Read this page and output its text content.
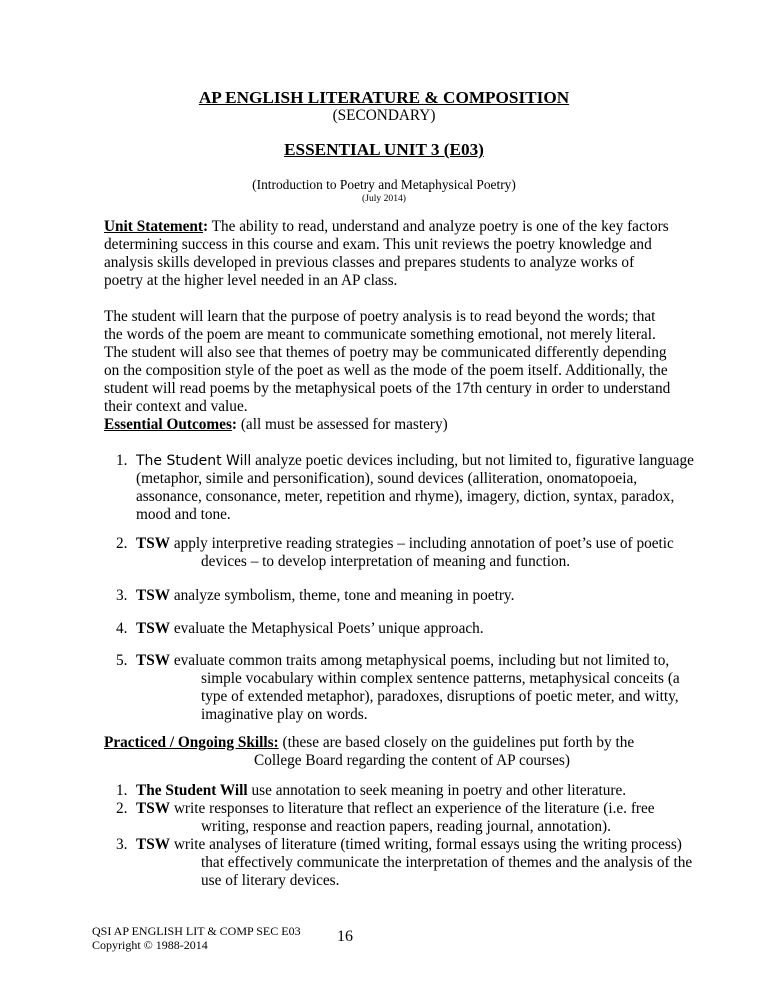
AP ENGLISH LITERATURE & COMPOSITION
(SECONDARY)
ESSENTIAL UNIT 3 (E03)
(Introduction to Poetry and Metaphysical Poetry)
(July 2014)
Unit Statement: The ability to read, understand and analyze poetry is one of the key factors determining success in this course and exam. This unit reviews the poetry knowledge and analysis skills developed in previous classes and prepares students to analyze works of poetry at the higher level needed in an AP class.
The student will learn that the purpose of poetry analysis is to read beyond the words; that the words of the poem are meant to communicate something emotional, not merely literal. The student will also see that themes of poetry may be communicated differently depending on the composition style of the poet as well as the mode of the poem itself. Additionally, the student will read poems by the metaphysical poets of the 17th century in order to understand their context and value.
Essential Outcomes: (all must be assessed for mastery)
1. The Student Will analyze poetic devices including, but not limited to, figurative language (metaphor, simile and personification), sound devices (alliteration, onomatopoeia, assonance, consonance, meter, repetition and rhyme), imagery, diction, syntax, paradox, mood and tone.
2. TSW apply interpretive reading strategies – including annotation of poet’s use of poetic devices – to develop interpretation of meaning and function.
3. TSW analyze symbolism, theme, tone and meaning in poetry.
4. TSW evaluate the Metaphysical Poets’ unique approach.
5. TSW evaluate common traits among metaphysical poems, including but not limited to, simple vocabulary within complex sentence patterns, metaphysical conceits (a type of extended metaphor), paradoxes, disruptions of poetic meter, and witty, imaginative play on words.
Practiced / Ongoing Skills: (these are based closely on the guidelines put forth by the
College Board regarding the content of AP courses)
1. The Student Will use annotation to seek meaning in poetry and other literature.
2. TSW write responses to literature that reflect an experience of the literature (i.e. free writing, response and reaction papers, reading journal, annotation).
3. TSW write analyses of literature (timed writing, formal essays using the writing process) that effectively communicate the interpretation of themes and the analysis of the use of literary devices.
QSI AP ENGLISH LIT & COMP SEC E03
Copyright © 1988-2014	16
